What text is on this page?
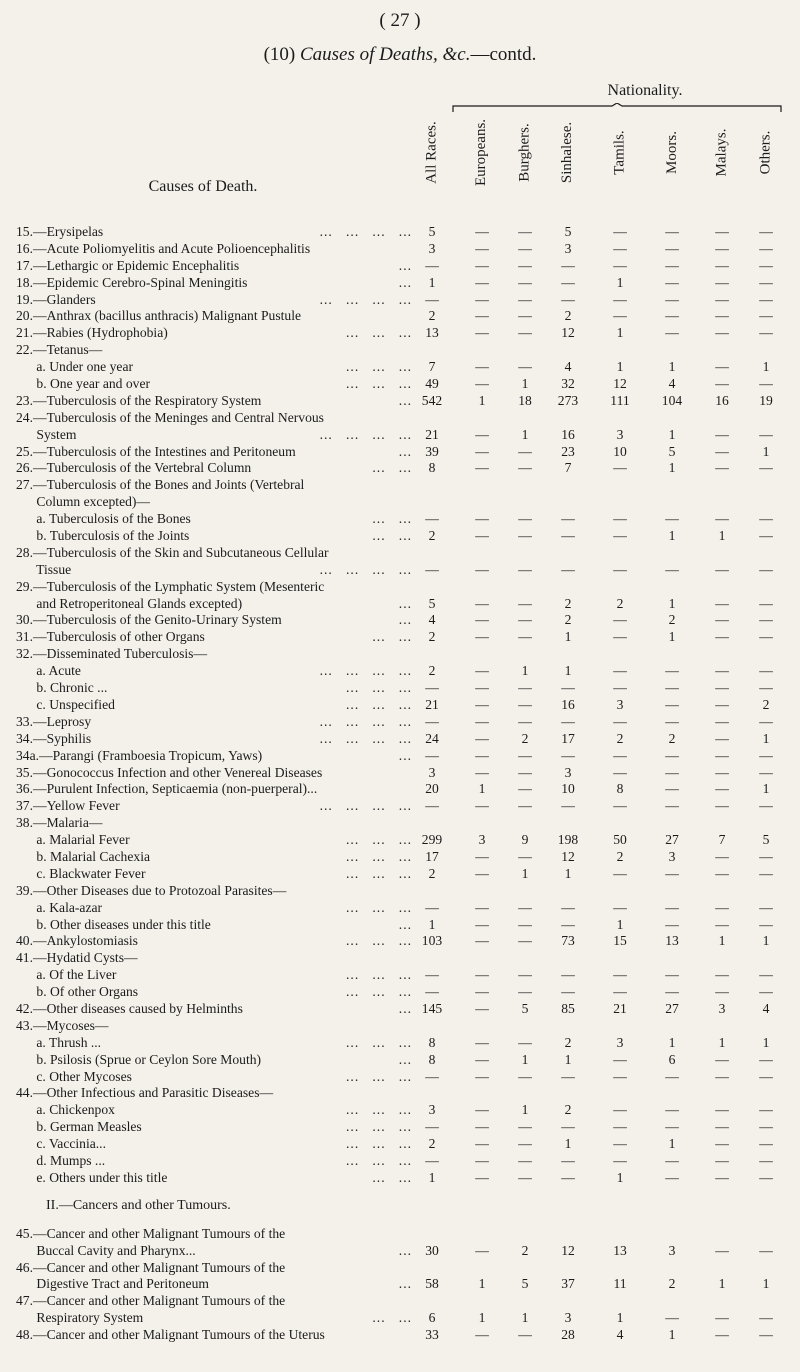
( 27 )
(10) Causes of Deaths, &c.—contd.
Nationality.
Causes of Death.
All Races. Europeans. Burghers. Sinhalese. Tamils. Moors. Malays. Others.
15.—Erysipelas	...   ...   ...   ...	5	—	—	5	—	—	—	—
16.—Acute Poliomyelitis and Acute Polioencephalitis	3	—	—	3	—	—	—	—
17.—Lethargic or Epidemic Encephalitis	... —	—	—	—	—	—	—	—
18.—Epidemic Cerebro-Spinal Meningitis	...	1	—	—	—	1	—	—	—
19.—Glanders	...   ...   ...   ... —	—	—	—	—	—	—	—
20.—Anthrax (bacillus anthracis) Malignant Pustule	2	—	—	2	—	—	—	—
21.—Rabies (Hydrophobia)	...   ...   ... 13	—	—	12	1	—	—	—
22.—Tetanus—
a. Under one year	...   ...   ...	7	—	—	4	1	1	—	1
b. One year and over	...   ...   ... 49	—	1	32	12	4	—	—
23.—Tuberculosis of the Respiratory System	... 542	1	18	273	111	104	16	19
24.—Tuberculosis of the Meninges and Central Nervous
System	...   ...   ...   ... 21	—	1	16	3	1	—	—
25.—Tuberculosis of the Intestines and Peritoneum	... 39	—	—	23	10	5	—	1
26.—Tuberculosis of the Vertebral Column	...   ...	8	—	—	7	—	1	—	—
27.—Tuberculosis of the Bones and Joints (Vertebral
Column excepted)—
a. Tuberculosis of the Bones	...   ... —	—	—	—	—	—	—	—
b. Tuberculosis of the Joints	...   ...	2	—	—	—	—	1	1	—
28.—Tuberculosis of the Skin and Subcutaneous Cellular
Tissue	...   ...   ...   ... —	—	—	—	—	—	—	—
29.—Tuberculosis of the Lymphatic System (Mesenteric
and Retroperitoneal Glands excepted)	...	5	—	—	2	2	1	—	—
30.—Tuberculosis of the Genito-Urinary System	...	4	—	—	2	—	2	—	—
31.—Tuberculosis of other Organs	...   ...	2	—	—	1	—	1	—	—
32.—Disseminated Tuberculosis—
a. Acute	...   ...   ...   ...	2	—	1	1	—	—	—	—
b. Chronic ...	...   ...   ... —	—	—	—	—	—	—	—
c. Unspecified	...   ...   ... 21	—	—	16	3	—	—	2
33.—Leprosy	...   ...   ...   ... —	—	—	—	—	—	—	—
34.—Syphilis	...   ...   ...   ... 24	—	2	17	2	2	—	1
34a.—Parangi (Framboesia Tropicum, Yaws)	... —	—	—	—	—	—	—	—
35.—Gonococcus Infection and other Venereal Diseases	3	—	—	3	—	—	—	—
36.—Purulent Infection, Septicaemia (non-puerperal)...	20	1	—	10	8	—	—	1
37.—Yellow Fever	...   ...   ...   ... —	—	—	—	—	—	—	—
38.—Malaria—
a. Malarial Fever	...   ...   ... 299	3	9	198	50	27	7	5
b. Malarial Cachexia	...   ...   ... 17	—	—	12	2	3	—	—
c. Blackwater Fever	...   ...   ...	2	—	1	1	—	—	—	—
39.—Other Diseases due to Protozoal Parasites—
a. Kala-azar	...   ...   ... —	—	—	—	—	—	—	—
b. Other diseases under this title	...	1	—	—	—	1	—	—	—
40.—Ankylostomiasis	...   ...   ... 103	—	—	73	15	13	1	1
41.—Hydatid Cysts—
a. Of the Liver	...   ...   ... —	—	—	—	—	—	—	—
b. Of other Organs	...   ...   ... —	—	—	—	—	—	—	—
42.—Other diseases caused by Helminths	... 145	—	5	85	21	27	3	4
43.—Mycoses—
a. Thrush ...	...   ...   ...	8	—	—	2	3	1	1	1
b. Psilosis (Sprue or Ceylon Sore Mouth)	...	8	—	1	1	—	6	—	—
c. Other Mycoses	...   ...   ... —	—	—	—	—	—	—	—
44.—Other Infectious and Parasitic Diseases—
a. Chickenpox	...   ...   ...	3	—	1	2	—	—	—	—
b. German Measles	...   ...   ... —	—	—	—	—	—	—	—
c. Vaccinia...	...   ...   ...	2	—	—	1	—	1	—	—
d. Mumps ...	...   ...   ... —	—	—	—	—	—	—	—
e. Others under this title	...   ...	1	—	—	—	1	—	—	—
II.—Cancers and other Tumours.
45.—Cancer and other Malignant Tumours of the
Buccal Cavity and Pharynx...	... 30	—	2	12	13	3	—	—
46.—Cancer and other Malignant Tumours of the
Digestive Tract and Peritoneum	... 58	1	5	37	11	2	1	1
47.—Cancer and other Malignant Tumours of the
Respiratory System	...   ...	6	1	1	3	1	—	—	—
48.—Cancer and other Malignant Tumours of the Uterus	33	—	—	28	4	1	—	—
